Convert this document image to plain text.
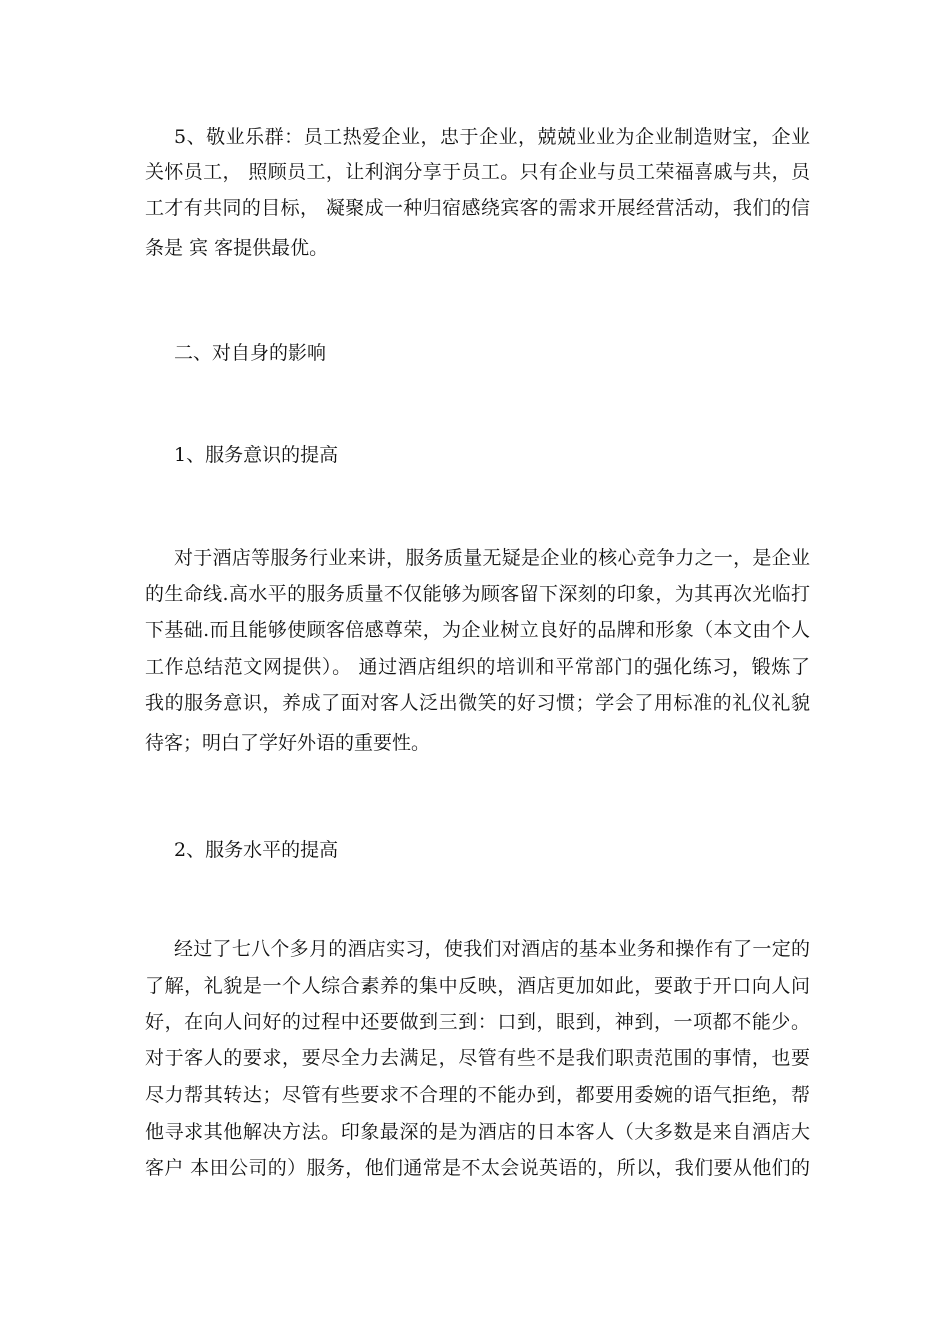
5、敬业乐群：员工热爱企业，忠于企业，兢兢业业为企业制造财宝，企业
关怀员工， 照顾员工，让利润分享于员工。只有企业与员工荣福喜戚与共，员
工才有共同的目标， 凝聚成一种归宿感绕宾客的需求开展经营活动，我们的信
条是 宾 客提供最优。
二、对自身的影响
1、服务意识的提高
对于酒店等服务行业来讲，服务质量无疑是企业的核心竞争力之一，是企业
的生命线.高水平的服务质量不仅能够为顾客留下深刻的印象，为其再次光临打
下基础.而且能够使顾客倍感尊荣，为企业树立良好的品牌和形象（本文由个人
工作总结范文网提供）。 通过酒店组织的培训和平常部门的强化练习，锻炼了
我的服务意识，养成了面对客人泛出微笑的好习惯；学会了用标准的礼仪礼貌
待客；明白了学好外语的重要性。
2、服务水平的提高
经过了七八个多月的酒店实习，使我们对酒店的基本业务和操作有了一定的
了解，礼貌是一个人综合素养的集中反映，酒店更加如此，要敢于开口向人问
好，在向人问好的过程中还要做到三到：口到，眼到，神到，一项都不能少。
对于客人的要求，要尽全力去满足，尽管有些不是我们职责范围的事情，也要
尽力帮其转达；尽管有些要求不合理的不能办到，都要用委婉的语气拒绝，帮
他寻求其他解决方法。印象最深的是为酒店的日本客人（大多数是来自酒店大
客户 本田公司的）服务，他们通常是不太会说英语的，所以，我们要从他们的
